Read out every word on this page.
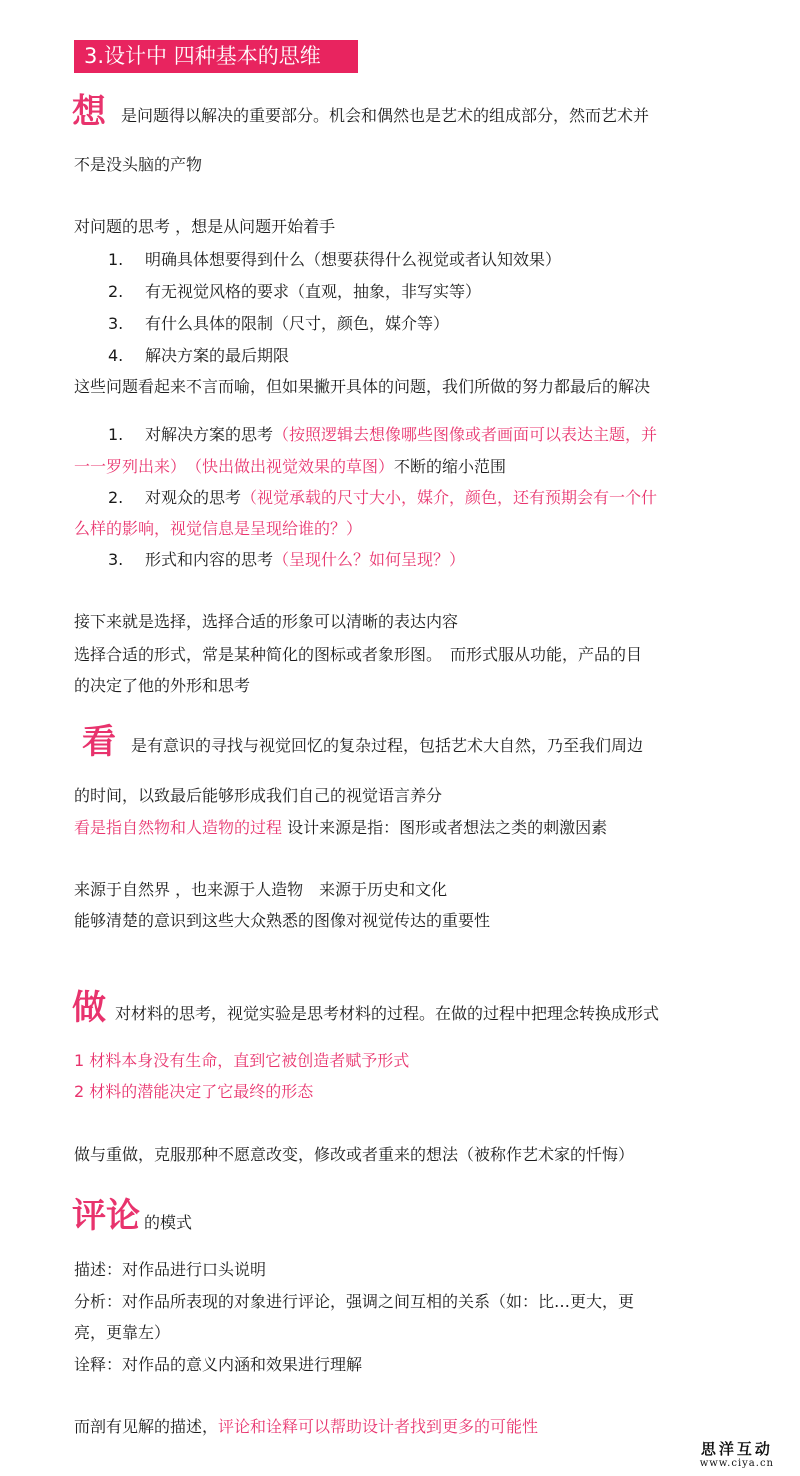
3.设计中 四种基本的思维
想 是问题得以解决的重要部分。机会和偶然也是艺术的组成部分，然而艺术并
不是没头脑的产物
对问题的思考 ，想是从问题开始着手
1.	明确具体想要得到什么（想要获得什么视觉或者认知效果）
2.	有无视觉风格的要求（直观，抽象，非写实等）
3.	有什么具体的限制（尺寸，颜色，媒介等）
4.	解决方案的最后期限
这些问题看起来不言而喻，但如果撇开具体的问题，我们所做的努力都最后的解决
1.	对解决方案的思考（按照逻辑去想像哪些图像或者画面可以表达主题，并
一一罗列出来）　（快出做出视觉效果的草图）不断的缩小范围
2.	对观众的思考（视觉承载的尺寸大小，媒介，颜色，还有预期会有一个什
么样的影响，视觉信息是呈现给谁的？）
3.	形式和内容的思考（呈现什么？如何呈现？）
接下来就是选择，选择合适的形象可以清晰的表达内容
选择合适的形式，常是某种简化的图标或者象形图。　而形式服从功能，产品的目
的决定了他的外形和思考
看 是有意识的寻找与视觉回忆的复杂过程，包括艺术大自然，乃至我们周边
的时间，以致最后能够形成我们自己的视觉语言养分
看是指自然物和人造物的过程 设计来源是指：图形或者想法之类的刺激因素
来源于自然界 ，也来源于人造物　来源于历史和文化
能够清楚的意识到这些大众熟悉的图像对视觉传达的重要性
做 对材料的思考，视觉实验是思考材料的过程。在做的过程中把理念转换成形式
1 材料本身没有生命，直到它被创造者赋予形式
2 材料的潜能决定了它最终的形态
做与重做，克服那种不愿意改变，修改或者重来的想法（被称作艺术家的忏悔）
评论 的模式
描述：对作品进行口头说明
分析：对作品所表现的对象进行评论，强调之间互相的关系（如：比…更大，更
亮，更靠左）
诠释：对作品的意义内涵和效果进行理解
而剖有见解的描述，评论和诠释可以帮助设计者找到更多的可能性
思洋互动
www.ciya.cn
